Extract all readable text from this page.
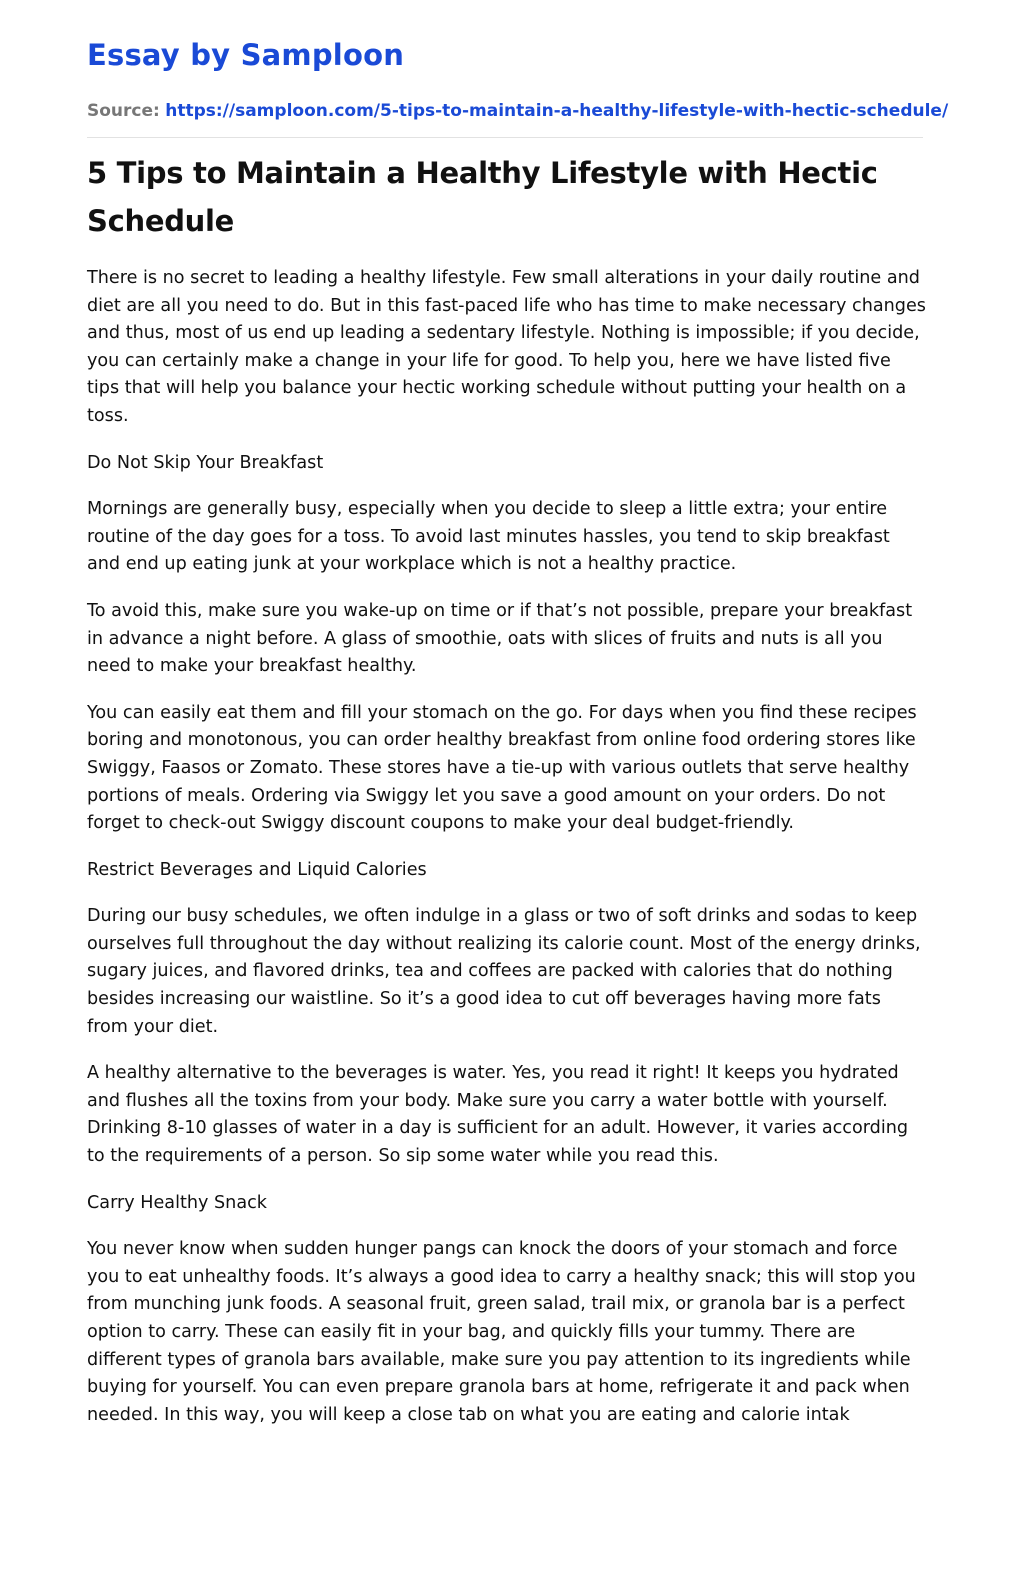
Essay by Samploon
Source: https://samploon.com/5-tips-to-maintain-a-healthy-lifestyle-with-hectic-schedule/
5 Tips to Maintain a Healthy Lifestyle with Hectic Schedule

There is no secret to leading a healthy lifestyle. Few small alterations in your daily routine and diet are all you need to do. But in this fast-paced life who has time to make necessary changes and thus, most of us end up leading a sedentary lifestyle. Nothing is impossible; if you decide, you can certainly make a change in your life for good. To help you, here we have listed five tips that will help you balance your hectic working schedule without putting your health on a toss.

Do Not Skip Your Breakfast

Mornings are generally busy, especially when you decide to sleep a little extra; your entire routine of the day goes for a toss. To avoid last minutes hassles, you tend to skip breakfast and end up eating junk at your workplace which is not a healthy practice.

To avoid this, make sure you wake-up on time or if that’s not possible, prepare your breakfast in advance a night before. A glass of smoothie, oats with slices of fruits and nuts is all you need to make your breakfast healthy.

You can easily eat them and fill your stomach on the go. For days when you find these recipes boring and monotonous, you can order healthy breakfast from online food ordering stores like Swiggy, Faasos or Zomato. These stores have a tie-up with various outlets that serve healthy portions of meals. Ordering via Swiggy let you save a good amount on your orders. Do not forget to check-out Swiggy discount coupons to make your deal budget-friendly.

Restrict Beverages and Liquid Calories

During our busy schedules, we often indulge in a glass or two of soft drinks and sodas to keep ourselves full throughout the day without realizing its calorie count. Most of the energy drinks, sugary juices, and flavored drinks, tea and coffees are packed with calories that do nothing besides increasing our waistline. So it’s a good idea to cut off beverages having more fats from your diet.

A healthy alternative to the beverages is water. Yes, you read it right! It keeps you hydrated and flushes all the toxins from your body. Make sure you carry a water bottle with yourself. Drinking 8-10 glasses of water in a day is sufficient for an adult. However, it varies according to the requirements of a person. So sip some water while you read this.

Carry Healthy Snack

You never know when sudden hunger pangs can knock the doors of your stomach and force you to eat unhealthy foods. It’s always a good idea to carry a healthy snack; this will stop you from munching junk foods. A seasonal fruit, green salad, trail mix, or granola bar is a perfect option to carry. These can easily fit in your bag, and quickly fills your tummy. There are different types of granola bars available, make sure you pay attention to its ingredients while buying for yourself. You can even prepare granola bars at home, refrigerate it and pack when needed. In this way, you will keep a close tab on what you are eating and calorie intak
